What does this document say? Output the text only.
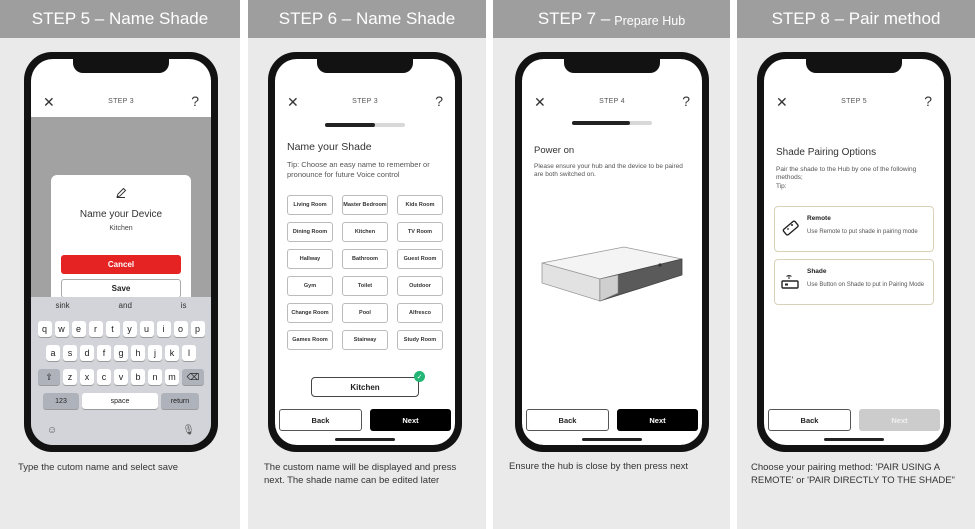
STEP 5 – Name Shade
✕	STEP 3	?
Name your Device
Kitchen
Cancel
Save
sink	and	is
q	w	e	r	t	y	u	i	o	p
a	s	d	f	g	h	j	k	l
⇧	z	x	c	v	b	n	m	⌫
123	space	return
☺	🎙
Type the cutom name and select save
STEP 6 – Name Shade
✕	STEP 3	?
Name your Shade
Tip: Choose an easy name to remember or pronounce for future Voice control
Living Room	Master Bedroom	Kids Room
Dining Room	Kitchen	TV Room
Hallway	Bathroom	Guest Room
Gym	Toilet	Outdoor
Change Room	Pool	Alfresco
Games Room	Stairway	Study Room
Kitchen
✓
Back	Next
The custom name will be displayed and press next. The shade name can be edited later
STEP 7 – Prepare Hub
✕	STEP 4	?
Power on
Please ensure your hub and the device to be paired are both switched on.
Back	Next
Ensure the hub is close by then press next
STEP 8 – Pair method
✕	STEP 5	?
Shade Pairing Options
Pair the shade to the Hub by one of the following methods;
Tip:
Remote
Use Remote to put shade in pairing mode
Shade
Use Button on Shade to put in Pairing Mode
Back	Next
Choose your pairing method: 'PAIR USING A REMOTE' or 'PAIR DIRECTLY TO THE SHADE"
